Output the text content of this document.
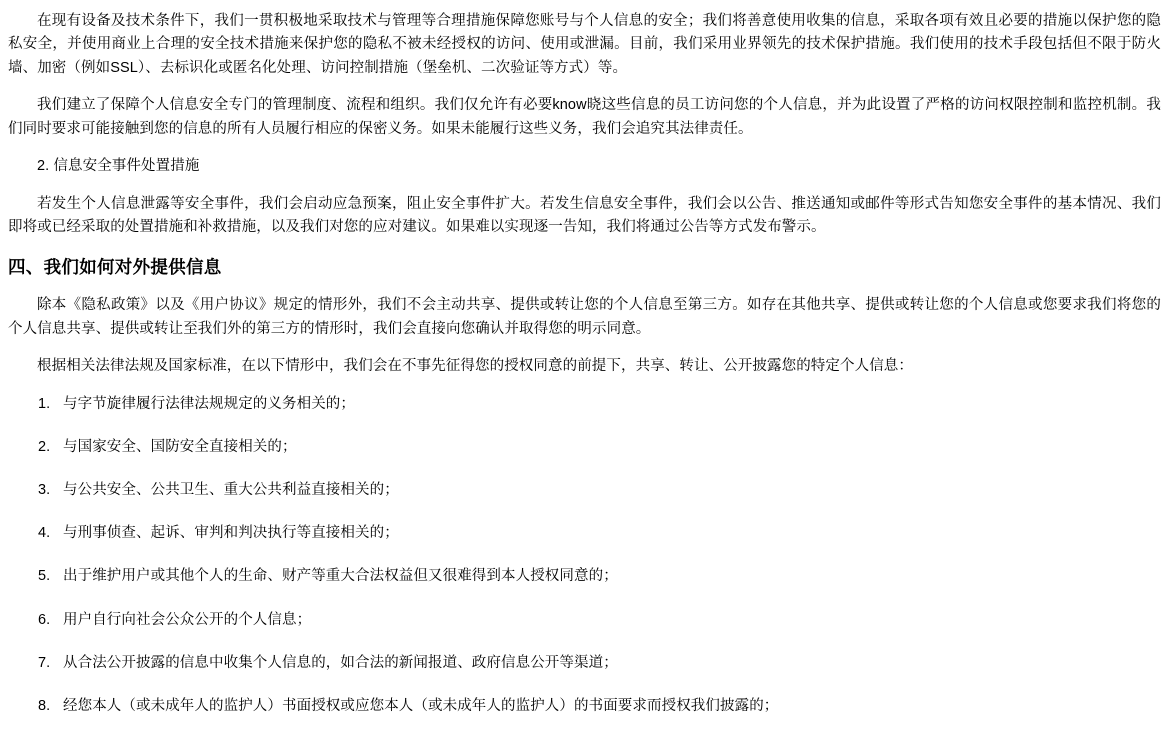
在现有设备及技术条件下，我们一贯积极地采取技术与管理等合理措施保障您账号与个人信息的安全；我们将善意使用收集的信息，采取各项有效且必要的措施以保护您的隐私安全，并使用商业上合理的安全技术措施来保护您的隐私不被未经授权的访问、使用或泄漏。目前，我们采用业界领先的技术保护措施。我们使用的技术手段包括但不限于防火墙、加密（例如SSL）、去标识化或匿名化处理、访问控制措施（堡垒机、二次验证等方式）等。

我们建立了保障个人信息安全专门的管理制度、流程和组织。我们仅允许有必要know晓这些信息的员工访问您的个人信息，并为此设置了严格的访问权限控制和监控机制。我们同时要求可能接触到您的信息的所有人员履行相应的保密义务。如果未能履行这些义务，我们会追究其法律责任。

2. 信息安全事件处置措施

若发生个人信息泄露等安全事件，我们会启动应急预案，阻止安全事件扩大。若发生信息安全事件，我们会以公告、推送通知或邮件等形式告知您安全事件的基本情况、我们即将或已经采取的处置措施和补救措施，以及我们对您的应对建议。如果难以实现逐一告知，我们将通过公告等方式发布警示。

四、我们如何对外提供信息

除本《隐私政策》以及《用户协议》规定的情形外，我们不会主动共享、提供或转让您的个人信息至第三方。如存在其他共享、提供或转让您的个人信息或您要求我们将您的个人信息共享、提供或转让至我们外的第三方的情形时，我们会直接向您确认并取得您的明示同意。

根据相关法律法规及国家标准，在以下情形中，我们会在不事先征得您的授权同意的前提下，共享、转让、公开披露您的特定个人信息：

与字节旋律履行法律法规规定的义务相关的；
与国家安全、国防安全直接相关的；
与公共安全、公共卫生、重大公共利益直接相关的；
与刑事侦查、起诉、审判和判决执行等直接相关的；
出于维护用户或其他个人的生命、财产等重大合法权益但又很难得到本人授权同意的；
用户自行向社会公众公开的个人信息；
从合法公开披露的信息中收集个人信息的，如合法的新闻报道、政府信息公开等渠道；
经您本人（或未成年人的监护人）书面授权或应您本人（或未成年人的监护人）的书面要求而授权我们披露的；
